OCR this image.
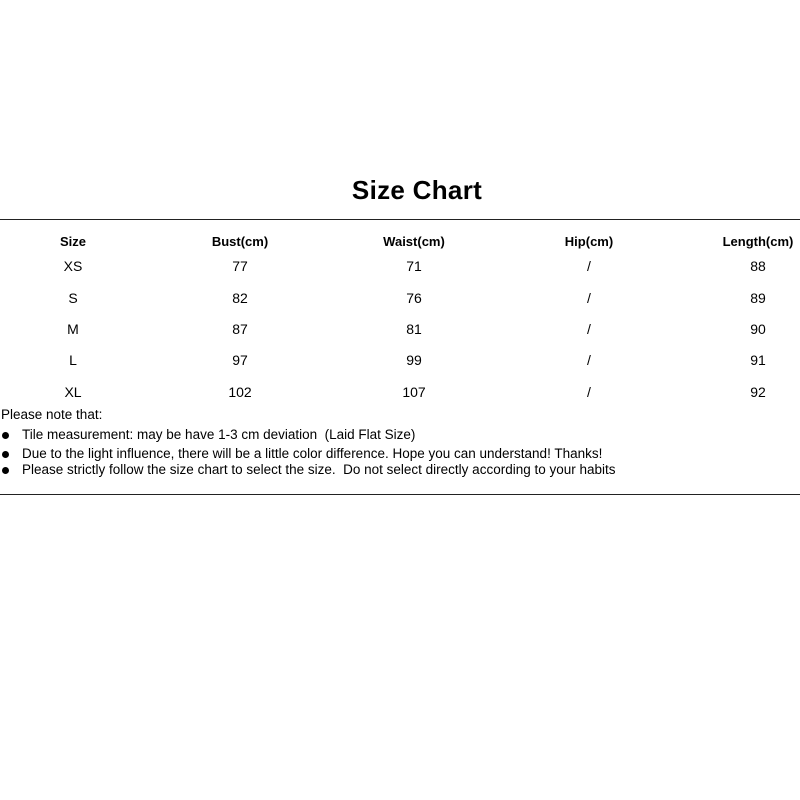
Size Chart
Size	Bust(cm)	Waist(cm)	Hip(cm)	Length(cm)
XS	77	71	/	88
S	82	76	/	89
M	87	81	/	90
L	97	99	/	91
XL	102	107	/	92
Please note that:
Tile measurement: may be have 1-3 cm deviation  (Laid Flat Size)
Due to the light influence, there will be a little color difference. Hope you can understand! Thanks!
Please strictly follow the size chart to select the size.  Do not select directly according to your habits
